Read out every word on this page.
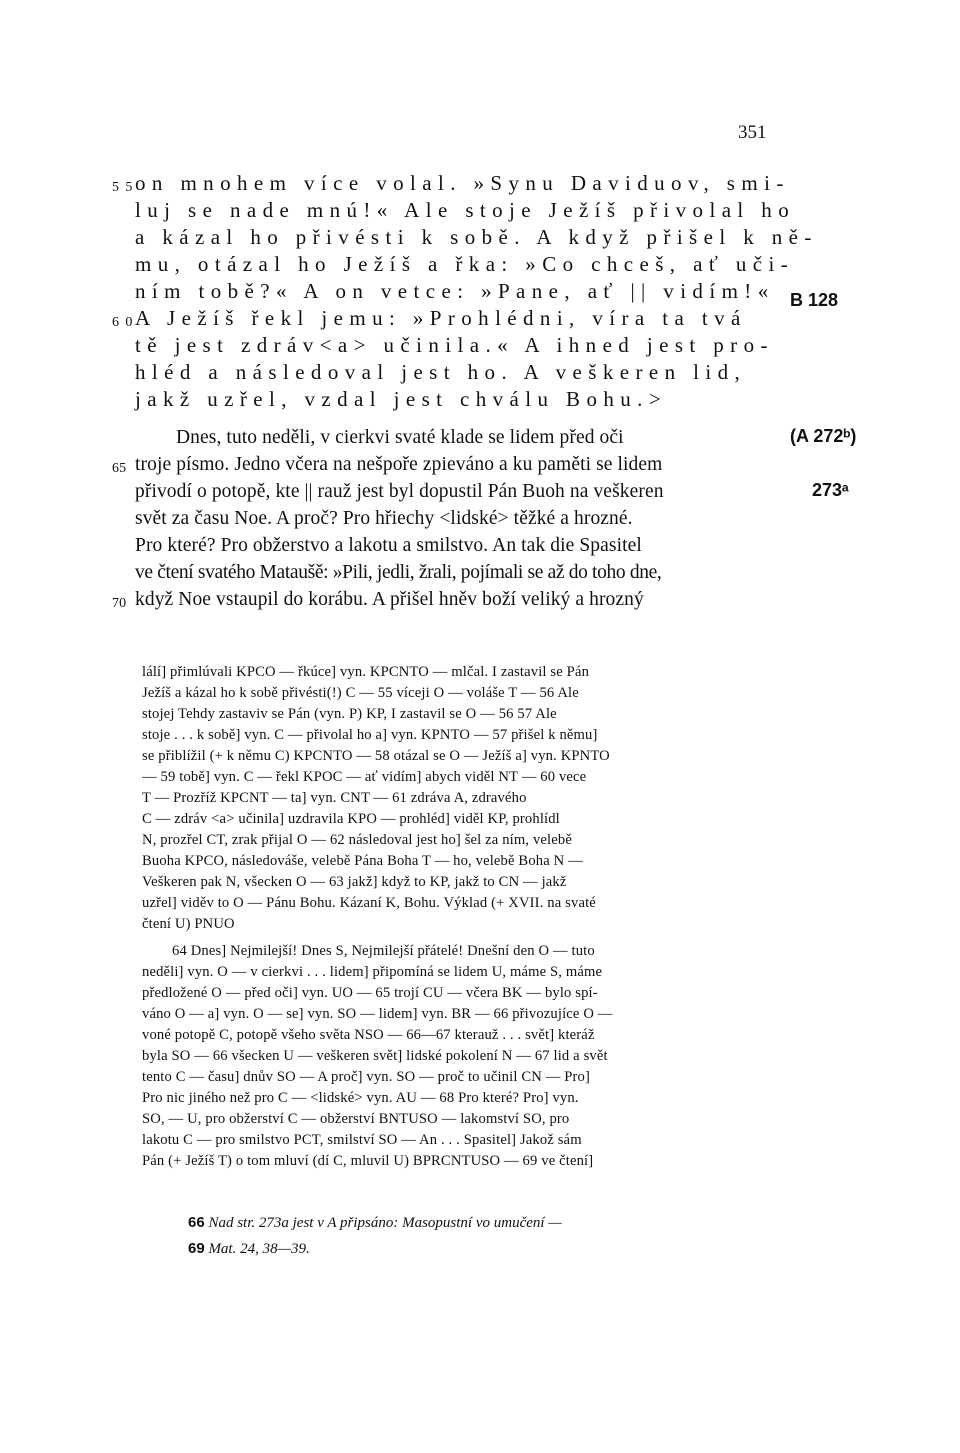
351
55
on mnohem více volal. »Synu Daviduov, smi-
luj se nade mnú!« Ale stoje Ježíš přivolal ho
a kázal ho přivésti k sobě. A když přišel k ně-
mu, otázal ho Ježíš a řka: »Co chceš, ať uči-
ním tobě?« A on vetce: »Pane, ať || vidím!«
60
A Ježíš řekl jemu: »Prohlédni, víra ta tvá
tě jest zdráv<a> učinila.« A ihned jest pro-
hléd a následoval jest ho. A veškeren lid,
jakž uzřel, vzdal jest chválu Bohu.>
Dnes, tuto neděli, v cierkvi svaté klade se lidem před oči
65 troje písmo. Jedno včera na nešpoře zpieváno a ku paměti se lidem
přivodí o potopě, kte || rauž jest byl dopustil Pán Buoh na veškeren
svět za času Noe. A proč? Pro hřiechy <lidské> těžké a hrozné.
Pro které? Pro obžerstvo a lakotu a smilstvo. An tak die Spasitel
ve čtení svatého Mataušě: »Pili, jedli, žrali, pojímali se až do toho dne,
70 když Noe vstaupil do korábu. A přišel hněv boží veliký a hrozný
B 128
(A 272ᵇ)
273ᵃ
lálí] přimlúvali KPCO — řkúce] vyn. KPCNTO — mlčal. I zastavil se Pán
Ježíš a kázal ho k sobě přivésti(!) C — 55 víceji O — voláše T — 56 Ale
stojej Tehdy zastaviv se Pán (vyn. P) KP, I zastavil se O — 56 57 Ale
stoje . . . k sobě] vyn. C — přivolal ho a] vyn. KPNTO — 57 přišel k němu]
se přiblížil (+ k němu C) KPCNTO — 58 otázal se O — Ježíš a] vyn. KPNTO
— 59 tobě] vyn. C — řekl KPOC — ať vidím] abych viděl NT — 60 vece
T — Prozříž KPCNT — ta] vyn. CNT — 61 zdráva A, zdravého
C — zdráv <a> učinila] uzdravila KPO — prohléd] viděl KP, prohlídl
N, prozřel CT, zrak přijal O — 62 následoval jest ho] šel za ním, velebě
Buoha KPCO, následováše, velebě Pána Boha T — ho, velebě Boha N —
Veškeren pak N, všecken O — 63 jakž] když to KP, jakž to CN — jakž
uzřel] viděv to O — Pánu Bohu. Kázaní K, Bohu. Výklad (+ XVII. na svaté
čtení U) PNUO
64 Dnes] Nejmilejší! Dnes S, Nejmilejší přátelé! Dnešní den O — tuto
neděli] vyn. O — v cierkvi . . . lidem] připomíná se lidem U, máme S, máme
předložené O — před oči] vyn. UO — 65 trojí CU — včera BK — bylo spí-
váno O — a] vyn. O — se] vyn. SO — lidem] vyn. BR — 66 přivozujíce O —
voné potopě C, potopě všeho světa NSO — 66—67 kterauž . . . svět] kteráž
byla SO — 66 všecken U — veškeren svět] lidské pokolení N — 67 lid a svět
tento C — času] dnův SO — A proč] vyn. SO — proč to učinil CN — Pro]
Pro nic jiného než pro C — <lidské> vyn. AU — 68 Pro které? Pro] vyn.
SO, — U, pro obžerství C — obžerství BNTUSO — lakomství SO, pro
lakotu C — pro smilstvo PCT, smilství SO — An . . . Spasitel] Jakož sám
Pán (+ Ježíš T) o tom mluví (dí C, mluvil U) BPRCNTUSO — 69 ve čtení]
66 Nad str. 273a jest v A připsáno: Masopustní vo umučení —
69 Mat. 24, 38—39.
